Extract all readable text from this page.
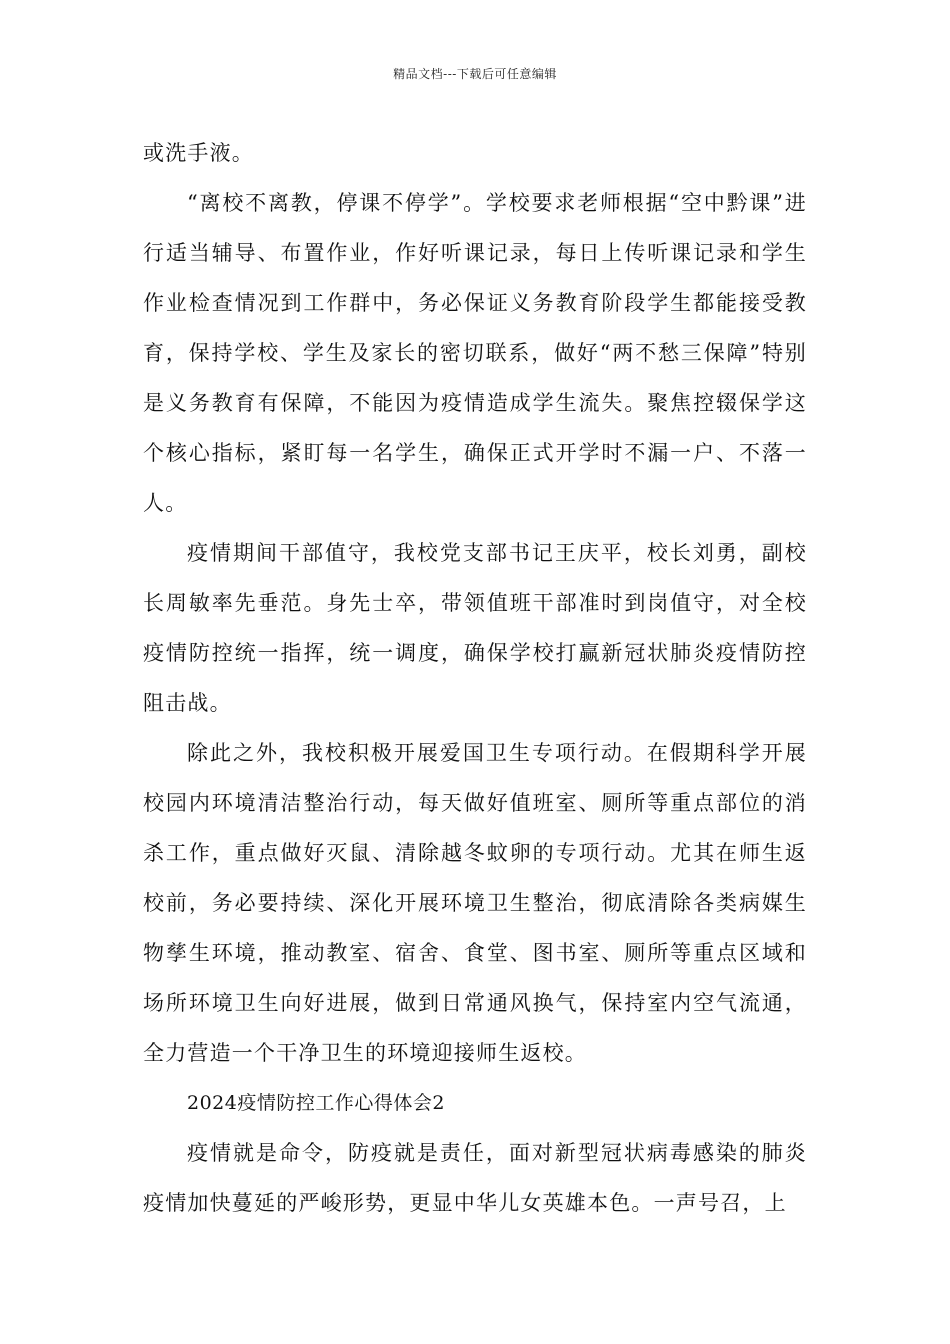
精品文档---下载后可任意编辑

或洗手液。

“离校不离教，停课不停学”。学校要求老师根据“空中黔课”进行适当辅导、布置作业，作好听课记录，每日上传听课记录和学生作业检查情况到工作群中，务必保证义务教育阶段学生都能接受教育，保持学校、学生及家长的密切联系，做好“两不愁三保障”特别是义务教育有保障，不能因为疫情造成学生流失。聚焦控辍保学这个核心指标，紧盯每一名学生，确保正式开学时不漏一户、不落一人。

疫情期间干部值守，我校党支部书记王庆平，校长刘勇，副校长周敏率先垂范。身先士卒，带领值班干部准时到岗值守，对全校疫情防控统一指挥，统一调度，确保学校打赢新冠状肺炎疫情防控阻击战。

除此之外，我校积极开展爱国卫生专项行动。在假期科学开展校园内环境清洁整治行动，每天做好值班室、厕所等重点部位的消杀工作，重点做好灭鼠、清除越冬蚊卵的专项行动。尤其在师生返校前，务必要持续、深化开展环境卫生整治，彻底清除各类病媒生物孳生环境，推动教室、宿舍、食堂、图书室、厕所等重点区域和场所环境卫生向好进展，做到日常通风换气，保持室内空气流通，全力营造一个干净卫生的环境迎接师生返校。

2024疫情防控工作心得体会2

疫情就是命令，防疫就是责任，面对新型冠状病毒感染的肺炎疫情加快蔓延的严峻形势，更显中华儿女英雄本色。一声号召，上
